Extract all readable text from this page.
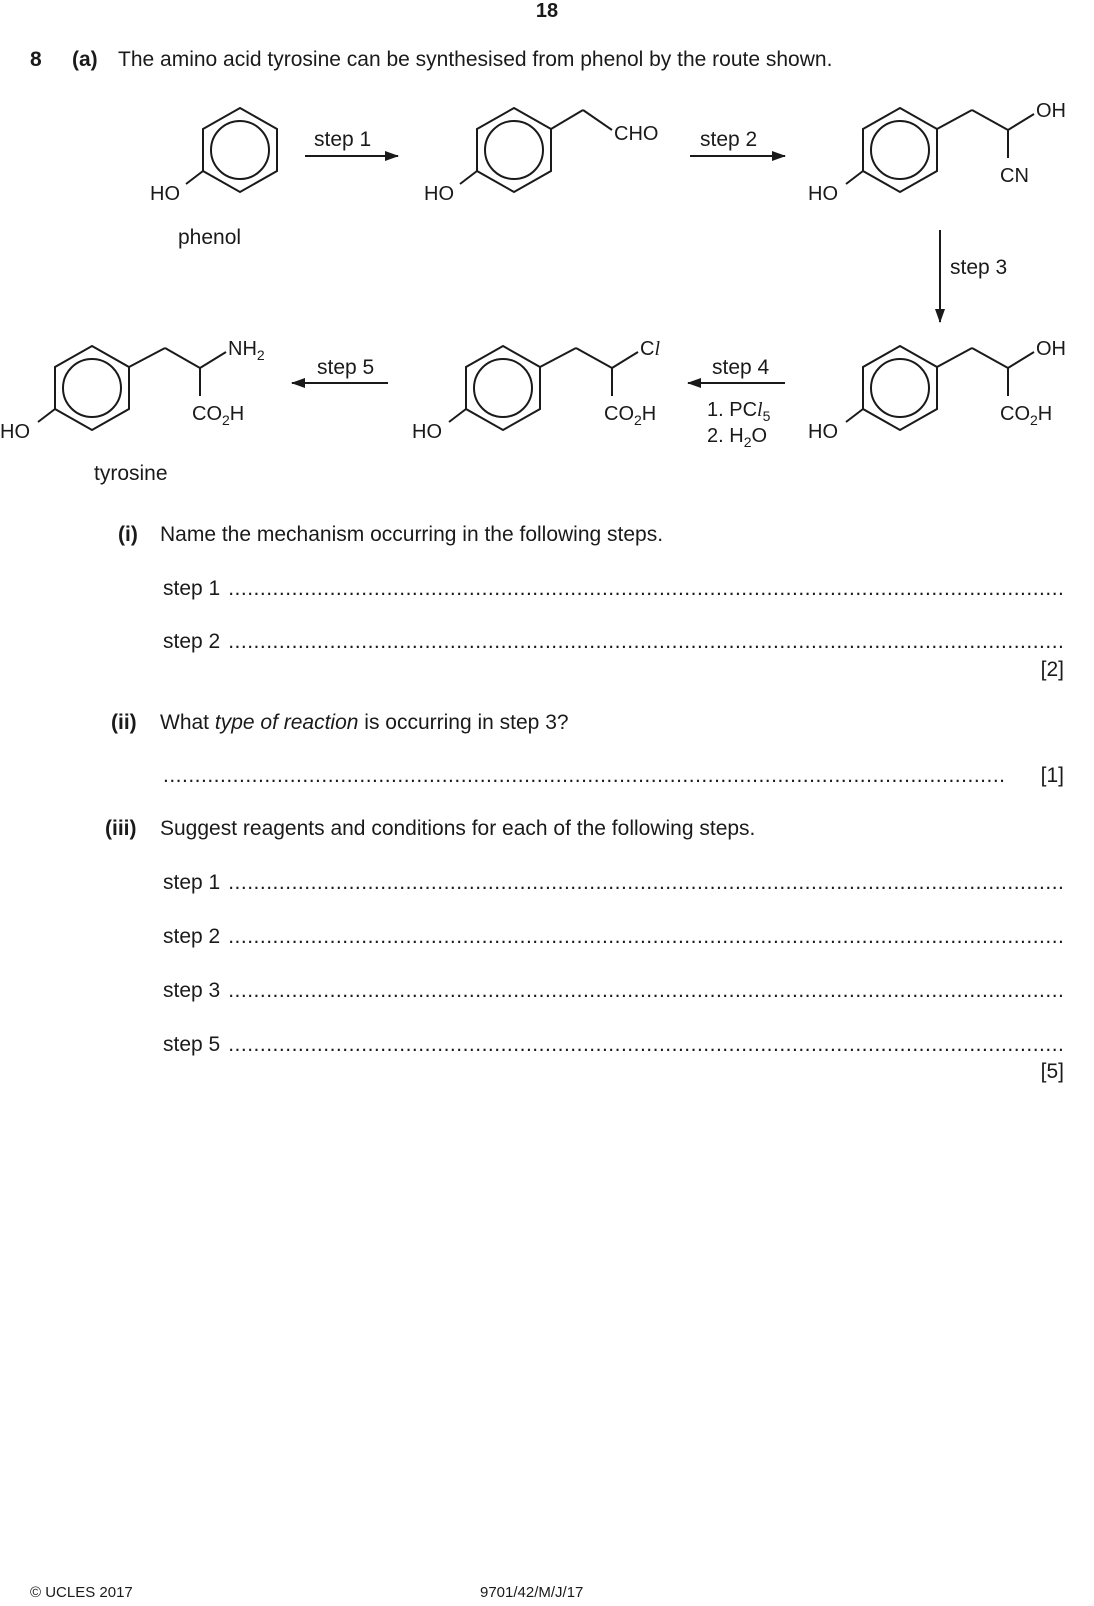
18
8 (a) The amino acid tyrosine can be synthesised from phenol by the route shown.
HO
phenol
step 1
HO
CHO step 2
HO
OH
CN
step 3
HO
OH
$CO_2H$
step 4
1. PCl$_5$
2. $H_2O$
HO
Cl
$CO_2H$
step 5
HO
$NH_2$
$CO_2H$
tyrosine
(i) Name the mechanism occurring in the following steps.
step 1
.....
step 2
.....
[2]
(ii) What type of reaction is occurring in step 3?
.....
[1]
(iii) Suggest reagents and conditions for each of the following steps.
step 1
.....
step 2
.....
step 3
.....
step 5
.....
[5]
© UCLES 2017	9701/42/M/J/17
